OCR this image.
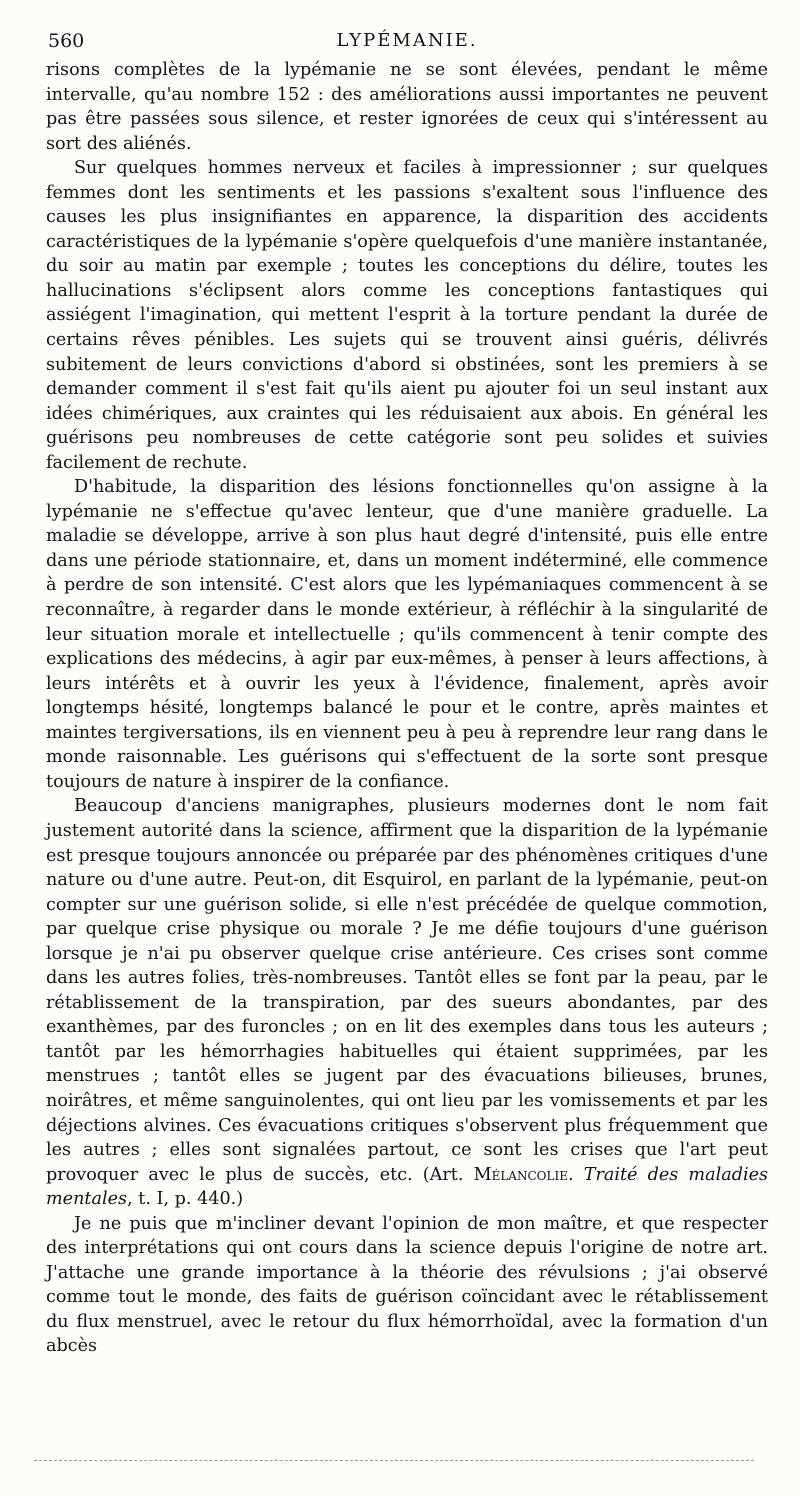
560	LYPÉMANIE.

risons complètes de la lypémanie ne se sont élevées, pendant le même intervalle, qu'au nombre 152 : des améliorations aussi importantes ne peuvent pas être passées sous silence, et rester ignorées de ceux qui s'intéressent au sort des aliénés.

Sur quelques hommes nerveux et faciles à impressionner ; sur quelques femmes dont les sentiments et les passions s'exaltent sous l'influence des causes les plus insignifiantes en apparence, la disparition des accidents caractéristiques de la lypémanie s'opère quelquefois d'une manière instantanée, du soir au matin par exemple ; toutes les conceptions du délire, toutes les hallucinations s'éclipsent alors comme les conceptions fantastiques qui assiégent l'imagination, qui mettent l'esprit à la torture pendant la durée de certains rêves pénibles. Les sujets qui se trouvent ainsi guéris, délivrés subitement de leurs convictions d'abord si obstinées, sont les premiers à se demander comment il s'est fait qu'ils aient pu ajouter foi un seul instant aux idées chimériques, aux craintes qui les réduisaient aux abois. En général les guérisons peu nombreuses de cette catégorie sont peu solides et suivies facilement de rechute.

D'habitude, la disparition des lésions fonctionnelles qu'on assigne à la lypémanie ne s'effectue qu'avec lenteur, que d'une manière graduelle. La maladie se développe, arrive à son plus haut degré d'intensité, puis elle entre dans une période stationnaire, et, dans un moment indéterminé, elle commence à perdre de son intensité. C'est alors que les lypémaniaques commencent à se reconnaître, à regarder dans le monde extérieur, à réfléchir à la singularité de leur situation morale et intellectuelle ; qu'ils commencent à tenir compte des explications des médecins, à agir par eux-mêmes, à penser à leurs affections, à leurs intérêts et à ouvrir les yeux à l'évidence, finalement, après avoir longtemps hésité, longtemps balancé le pour et le contre, après maintes et maintes tergiversations, ils en viennent peu à peu à reprendre leur rang dans le monde raisonnable. Les guérisons qui s'effectuent de la sorte sont presque toujours de nature à inspirer de la confiance.

Beaucoup d'anciens manigraphes, plusieurs modernes dont le nom fait justement autorité dans la science, affirment que la disparition de la lypémanie est presque toujours annoncée ou préparée par des phénomènes critiques d'une nature ou d'une autre. Peut-on, dit Esquirol, en parlant de la lypémanie, peut-on compter sur une guérison solide, si elle n'est précédée de quelque commotion, par quelque crise physique ou morale ? Je me défie toujours d'une guérison lorsque je n'ai pu observer quelque crise antérieure. Ces crises sont comme dans les autres folies, très-nombreuses. Tantôt elles se font par la peau, par le rétablissement de la transpiration, par des sueurs abondantes, par des exanthèmes, par des furoncles ; on en lit des exemples dans tous les auteurs ; tantôt par les hémorrhagies habituelles qui étaient supprimées, par les menstrues ; tantôt elles se jugent par des évacuations bilieuses, brunes, noirâtres, et même sanguinolentes, qui ont lieu par les vomissements et par les déjections alvines. Ces évacuations critiques s'observent plus fréquemment que les autres ; elles sont signalées partout, ce sont les crises que l'art peut provoquer avec le plus de succès, etc. (Art. Mélancolie. Traité des maladies mentales, t. I, p. 440.)

Je ne puis que m'incliner devant l'opinion de mon maître, et que respecter des interprétations qui ont cours dans la science depuis l'origine de notre art. J'attache une grande importance à la théorie des révulsions ; j'ai observé comme tout le monde, des faits de guérison coïncidant avec le rétablissement du flux menstruel, avec le retour du flux hémorrhoïdal, avec la formation d'un abcès
